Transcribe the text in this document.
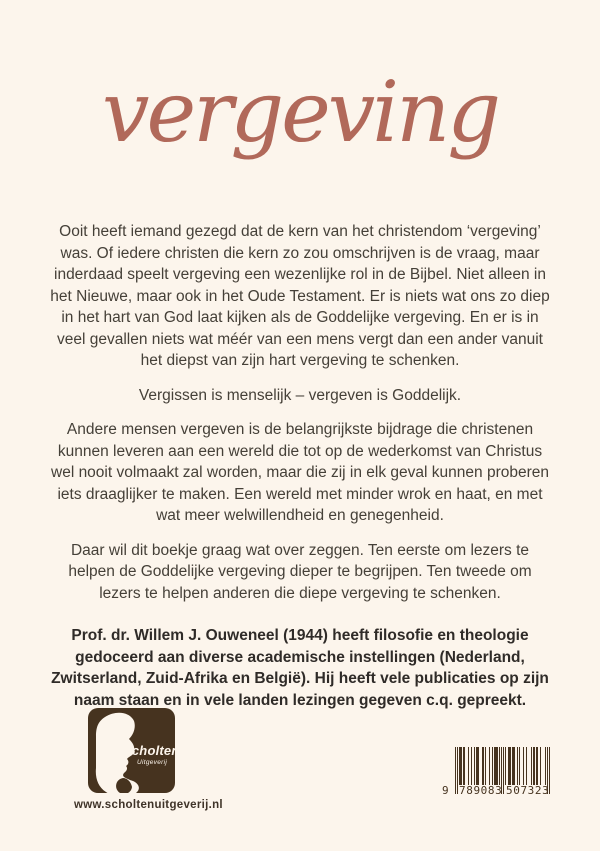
vergeving

Ooit heeft iemand gezegd dat de kern van het christendom ‘vergeving’ was. Of iedere christen die kern zo zou omschrijven is de vraag, maar inderdaad speelt vergeving een wezenlijke rol in de Bijbel. Niet alleen in het Nieuwe, maar ook in het Oude Testament. Er is niets wat ons zo diep in het hart van God laat kijken als de Goddelijke vergeving. En er is in veel gevallen niets wat méér van een mens vergt dan een ander vanuit het diepst van zijn hart vergeving te schenken.

Vergissen is menselijk – vergeven is Goddelijk.

Andere mensen vergeven is de belangrijkste bijdrage die christenen kunnen leveren aan een wereld die tot op de wederkomst van Christus wel nooit volmaakt zal worden, maar die zij in elk geval kunnen proberen iets draaglijker te maken. Een wereld met minder wrok en haat, en met wat meer welwillendheid en genegenheid.

Daar wil dit boekje graag wat over zeggen. Ten eerste om lezers te helpen de Goddelijke vergeving dieper te begrijpen. Ten tweede om lezers te helpen anderen die diepe vergeving te schenken.

Prof. dr. Willem J. Ouweneel (1944) heeft filosofie en theologie gedoceerd aan diverse academische instellingen (Nederland, Zwitserland, Zuid-Afrika en België). Hij heeft vele publicaties op zijn naam staan en in vele landen lezingen gegeven c.q. gepreekt.

Scholten
Uitgeverij
www.scholtenuitgeverij.nl
9 789083 507323
